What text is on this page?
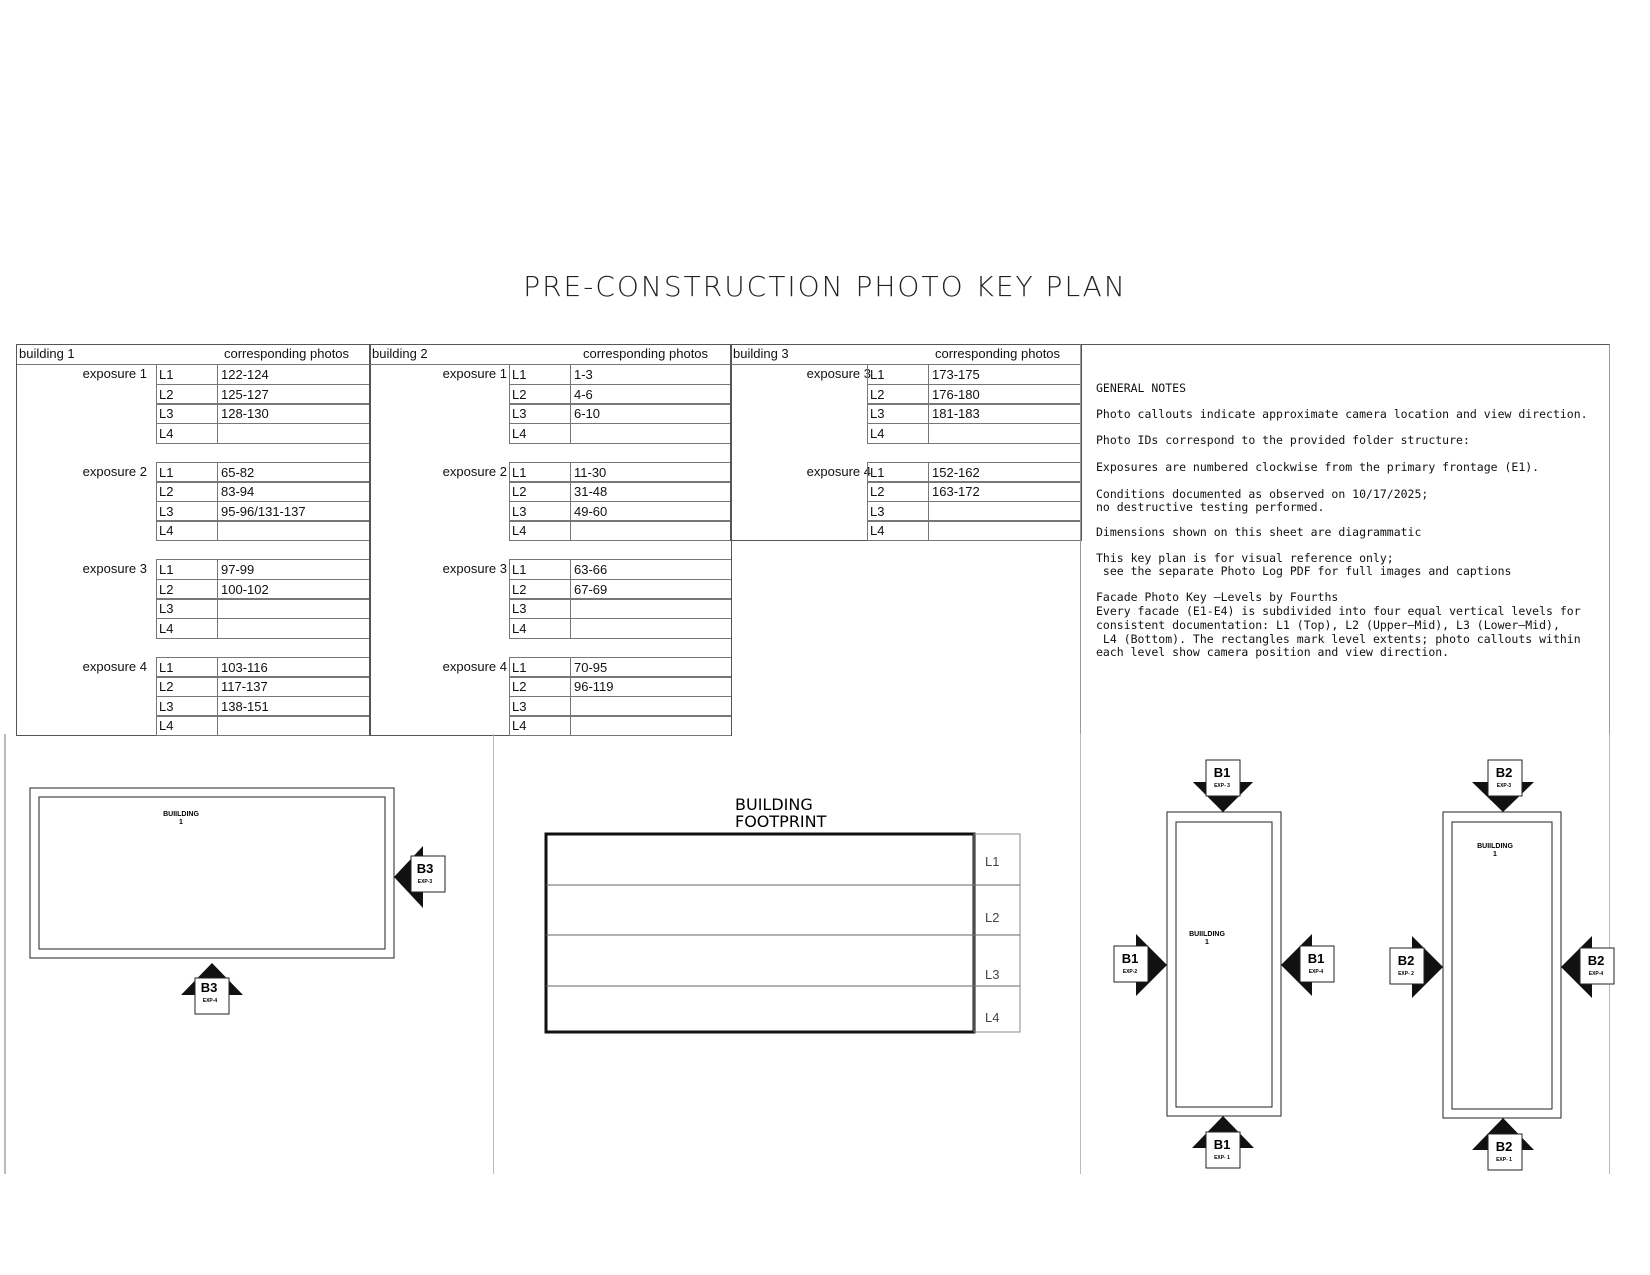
PRE-CONSTRUCTION PHOTO KEY PLAN
building 1	corresponding photos
exposure 1 L1	122-124
L2	125-127
L3	128-130
L4
exposure 2 L1	65-82
L2	83-94
L3	95-96/131-137
L4
exposure 3 L1	97-99
L2	100-102
L3
L4
exposure 4 L1	103-116
L2	117-137
L3	138-151
L4
building 2	corresponding photos
exposure 1 L1	1-3
L2	4-6
L3	6-10
L4
exposure 2 L1	11-30
L2	31-48
L3	49-60
L4
exposure 3 L1	63-66
L2	67-69
L3
L4
exposure 4 L1	70-95
L2	96-119
L3
L4
building 3	corresponding photos
exposure 3 L1	173-175
L2	176-180
L3	181-183
L4
exposure 4 L1	152-162
L2	163-172
L3
L4
GENERAL NOTES
Photo callouts indicate approximate camera location and view direction.
Photo IDs correspond to the provided folder structure:
Exposures are numbered clockwise from the primary frontage (E1).
Conditions documented as observed on 10/17/2025;
no destructive testing performed.
Dimensions shown on this sheet are diagrammatic
This key plan is for visual reference only;
see the separate Photo Log PDF for full images and captions
Facade Photo Key –Levels by Fourths
Every facade (E1-E4) is subdivided into four equal vertical levels for
consistent documentation: L1 (Top), L2 (Upper–Mid), L3 (Lower–Mid),
L4 (Bottom). The rectangles mark level extents; photo callouts within
each level show camera position and view direction.
BUIILDING
1
B3
EXP-3
B3
EXP-4
BUILDING
FOOTPRINT
L1
L2
L3
L4
BUIILDING
1
B1
EXP- 3
B1
EXP-2
B1
EXP-4
B1
EXP- 1
BUIILDING
1
B2
EXP-3
B2
EXP- 2
B2
EXP-4
B2
EXP- 1
